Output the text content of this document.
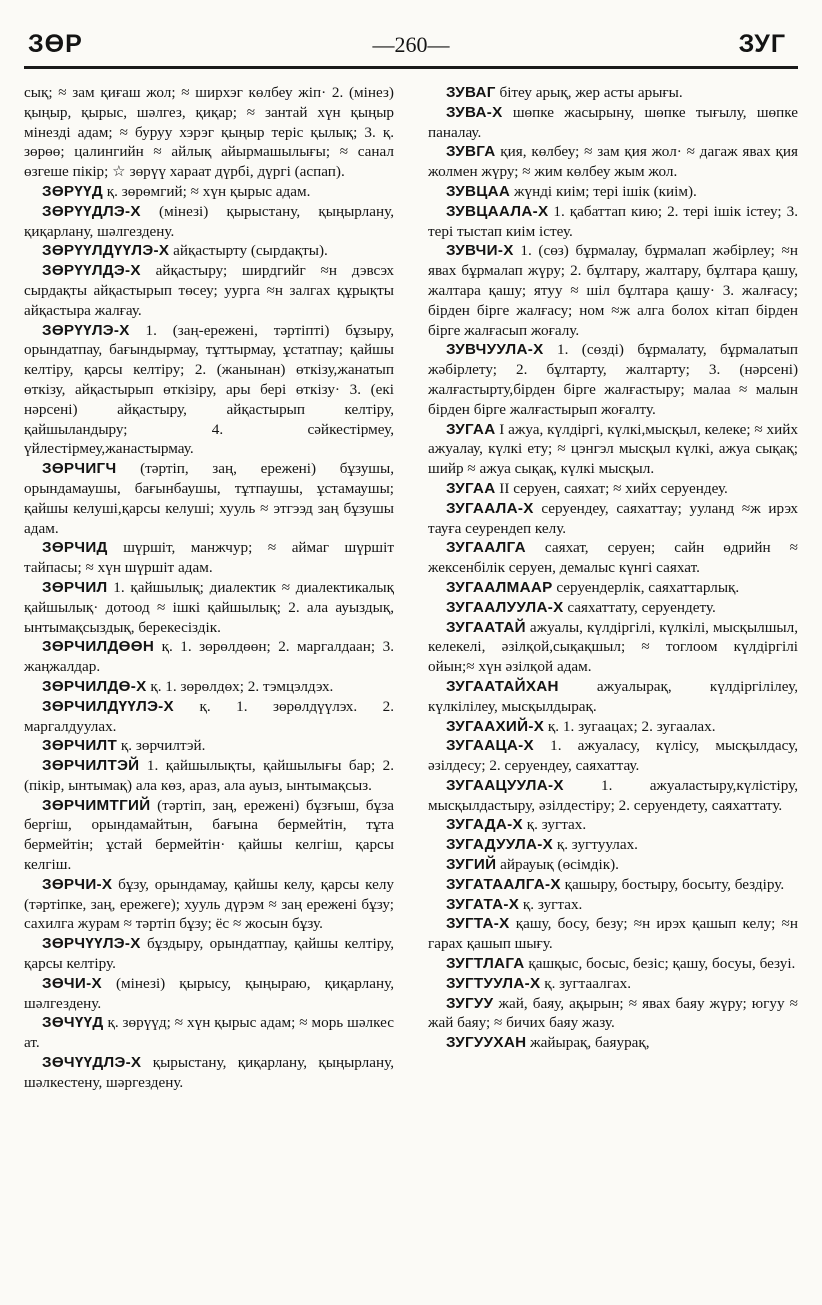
ЗӨР	—260—	ЗУГ

сық; ≈ зам қиғаш жол; ≈ ширхэг көлбеу жіп· 2. (мінез) қыңыр, қырыс, шәлгез, қиқар; ≈ зантай хүн қыңыр мінезді адам; ≈ буруу хэрэг қыңыр теріс қылық; 3. қ. зөрөө; цалингийн ≈ айлық айырмашылығы; ≈ санал өзгеше пікір; ☆ зөрүү хараат дүрбі, дүргі (аспап).

ЗӨРҮҮД қ. зөрөмгий; ≈ хүн қырыс адам.

ЗӨРҮҮДЛЭ-Х (мінезі) қырыстану, қыңырлану, қиқарлану, шәлгездену.

ЗӨРҮҮЛДҮҮЛЭ-Х айқастырту (сырдақты).

ЗӨРҮҮЛДЭ-Х айқастыру; ширдгийг ≈н дэвсэх сырдақты айқастырып төсеу; уурга ≈н залгах құрықты айқастыра жалғау.

ЗӨРҮҮЛЭ-Х 1. (заң-ережені, тәртіпті) бұзыру, орындатпау, бағындырмау, тұттырмау, ұстатпау; қайшы келтіру, қарсы келтіру; 2. (жанынан) өткізу,жанатып өткізу, айқастырып өткізіру, ары бері өткізу· 3. (екі нәрсені) айқастыру, айқастырып келтіру, қайшыландыру; 4. сәйкестірмеу, үйлестірмеу,жанастырмау.

ЗӨРЧИГЧ (тәртіп, заң, ережені) бұзушы, орындамаушы, бағынбаушы, тұтпаушы, ұстамаушы; қайшы келуші,қарсы келуші; хууль ≈ этгээд заң бұзушы адам.

ЗӨРЧИД шүршіт, манжчур; ≈ аймаг шүршіт тайпасы; ≈ хүн шүршіт адам.

ЗӨРЧИЛ 1. қайшылық; диалектик ≈ диалектикалық қайшылық· дотоод ≈ ішкі қайшылық; 2. ала ауыздық, ынтымақсыздық, берекесіздік.

ЗӨРЧИЛДӨӨН қ. 1. зөрөлдөөн; 2. маргалдаан; 3. жаңжалдар.

ЗӨРЧИЛДӨ-Х қ. 1. зөрөлдөх; 2. тэмцэлдэх.

ЗӨРЧИЛДҮҮЛЭ-Х қ. 1. зөрөлдүүлэх. 2. маргалдуулах.

ЗӨРЧИЛТ қ. зөрчилтэй.

ЗӨРЧИЛТЭЙ 1. қайшылықты, қайшылығы бар; 2. (пікір, ынтымақ) ала көз, араз, ала ауыз, ынтымақсыз.

ЗӨРЧИМТГИЙ (тәртіп, заң, ережені) бұзғыш, бұза бергіш, орындамайтын, бағына бермейтін, тұта бермейтін; ұстай бермейтін· қайшы келгіш, қарсы келгіш.

ЗӨРЧИ-Х бұзу, орындамау, қайшы келу, қарсы келу (тәртіпке, заң, ережеге); хууль дүрэм ≈ заң ережені бұзу; сахилга журам ≈ тәртіп бұзу; ёс ≈ жосын бұзу.

ЗӨРЧҮҮЛЭ-Х бұздыру, орындатпау, қайшы келтіру, қарсы келтіру.

ЗӨЧИ-Х (мінезі) қырысу, қыңыраю, қиқарлану, шәлгездену.

ЗӨЧҮҮД қ. зөрүүд; ≈ хүн қырыс адам; ≈ морь шәлкес ат.

ЗӨЧҮҮДЛЭ-Х қырыстану, қиқарлану, қыңырлану, шәлкестену, шәргездену.

ЗУВАГ бітеу арық, жер асты арығы.

ЗУВА-Х шөпке жасырыну, шөпке тығылу, шөпке паналау.

ЗУВГА қия, көлбеу; ≈ зам қия жол· ≈ дагаж явах қия жолмен жүру; ≈ жим көлбеу жым жол.

ЗУВЦАА жүнді киім; тері ішік (киім).

ЗУВЦААЛА-Х 1. қабаттап кию; 2. тері ішік істеу; 3. тері тыстап киім істеу.

ЗУВЧИ-Х 1. (сөз) бұрмалау, бұрмалап жәбірлеу; ≈н явах бұрмалап жүру; 2. бұлтару, жалтару, бұлтара қашу, жалтара қашу; ятуу ≈ шіл бұлтара қашу· 3. жалғасу; бірден бірге жалғасу; ном ≈ж алга болох кітап бірден бірге жалғасып жоғалу.

ЗУВЧУУЛА-Х 1. (сөзді) бұрмалату, бұрмалатып жәбірлету; 2. бұлтарту, жалтарту; 3. (нәрсені) жалғастырту,бірден бірге жалғастыру; малаа ≈ малын бірден бірге жалғастырып жоғалту.

ЗУГАА I ажуа, күлдіргі, күлкі,мысқыл, келеке; ≈ хийх ажуалау, күлкі ету; ≈ цэнгэл мысқыл күлкі, ажуа сықақ; шийр ≈ ажуа сықақ, күлкі мысқыл.

ЗУГАА II серуен, саяхат; ≈ хийх серуендеу.

ЗУГААЛА-Х серуендеу, саяхаттау; ууланд ≈ж ирэх тауға сеурендеп келу.

ЗУГААЛГА саяхат, серуен; сайн өдрийн ≈ жексенбілік серуен, демалыс күнгі саяхат.

ЗУГААЛМААР серуендерлік, саяхаттарлық.

ЗУГААЛУУЛА-Х саяхаттату, серуендету.

ЗУГААТАЙ ажуалы, күлдіргілі, күлкілі, мысқылшыл, келекелі, әзілқой,сықақшыл; ≈ тоглоом күлдіргілі ойын;≈ хүн әзілқой адам.

ЗУГААТАЙХАН	ажуалырақ, күлдіргілілеу, күлкілілеу, мысқылдырақ.

ЗУГААХИЙ-Х қ. 1. зугаацах; 2. зугаалах.

ЗУГААЦА-Х 1. ажуаласу, күлісу, мысқылдасу, әзілдесу; 2. серуендеу, саяхаттау.

ЗУГААЦУУЛА-Х 1. ажуаластыру,күлістіру, мысқылдастыру, әзілдестіру; 2. серуендету, саяхаттату.

ЗУГАДА-Х қ. зугтах.

ЗУГАДУУЛА-Х қ. зугтуулах.

ЗУГИЙ айрауық (өсімдік).

ЗУГАТААЛГА-Х қашыру, бостыру, босыту, бездіру.

ЗУГАТА-Х қ. зугтах.

ЗУГТА-Х қашу, босу, безу; ≈н ирэх қашып келу; ≈н гарах қашып шығу.

ЗУГТЛАГА қашқыс, босыс, безіс; қашу, босуы, безуі.

ЗУГТУУЛА-Х қ. зугтаалгах.

ЗУГУУ жай, баяу, ақырын; ≈ явах баяу жүру; югуу ≈ жай баяу; ≈ бичих баяу жазу.

ЗУГУУХАН жайырақ, баяурақ,
